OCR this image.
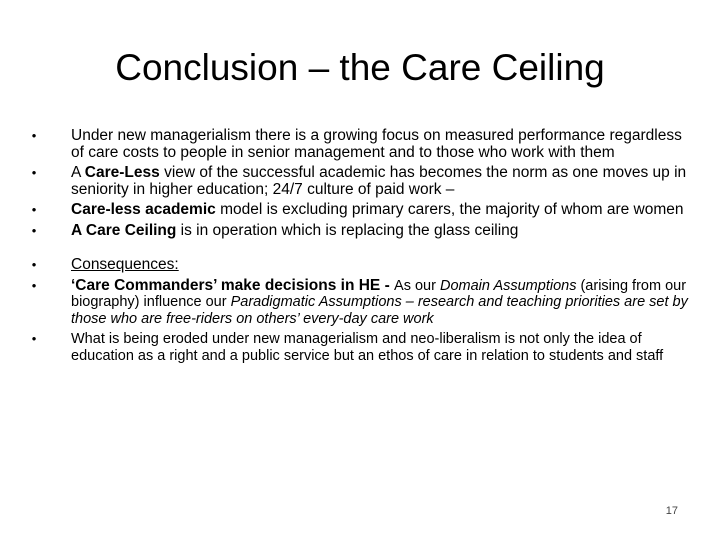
Conclusion – the Care Ceiling
• Under new managerialism there is a growing focus on measured performance regardless of care costs to people in senior management and to those who work with them
• A Care-Less view of the successful academic has becomes the norm as one moves up in seniority in higher education; 24/7 culture of paid work –
• Care-less academic model is excluding primary carers, the majority of whom are women
• A Care Ceiling is in operation which is replacing the glass ceiling
• Consequences:
• ‘Care Commanders’ make decisions in HE - As our Domain Assumptions (arising from our biography) influence our Paradigmatic Assumptions – research and teaching priorities are set by those who are free-riders on others’ every-day care work
• What is being eroded under new managerialism and neo-liberalism is not only the idea of education as a right and a public service but an ethos of care in relation to students and staff
17
